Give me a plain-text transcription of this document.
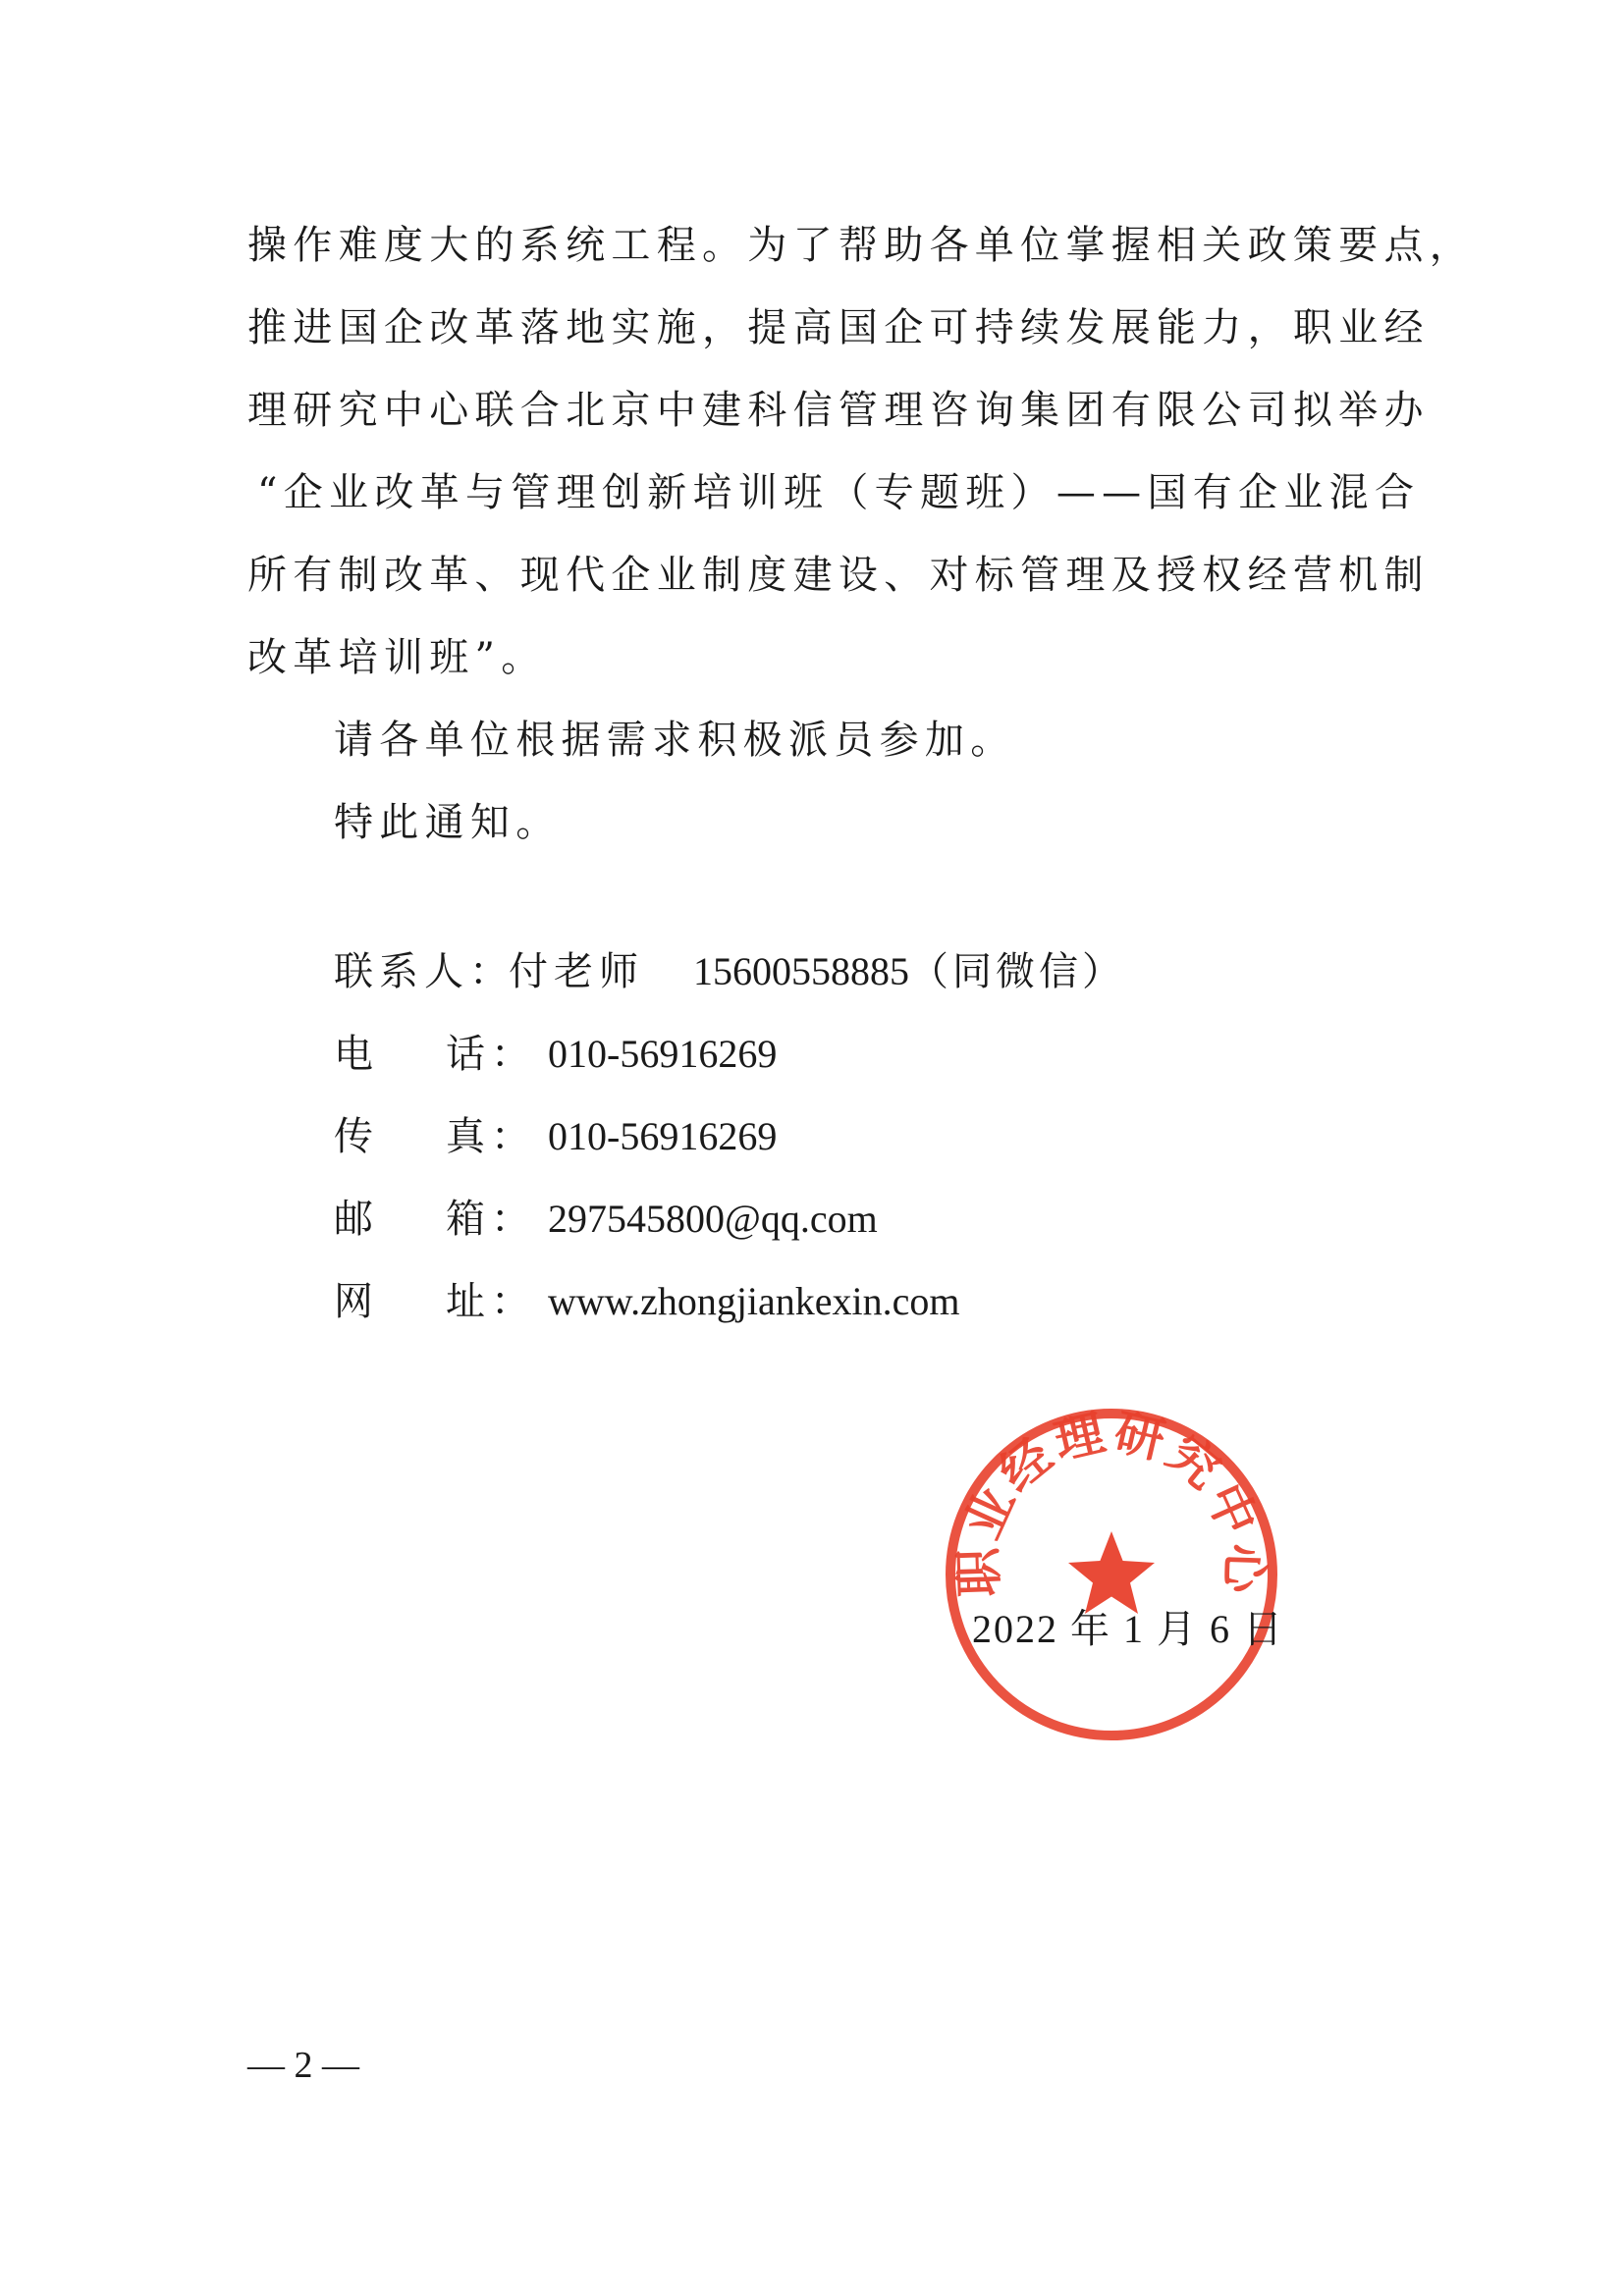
操作难度大的系统工程。为了帮助各单位掌握相关政策要点，
推进国企改革落地实施，提高国企可持续发展能力，职业经
理研究中心联合北京中建科信管理咨询集团有限公司拟举办
“企业改革与管理创新培训班（专题班）——国有企业混合
所有制改革、现代企业制度建设、对标管理及授权经营机制
改革培训班”。
请各单位根据需求积极派员参加。
特此通知。
联系人：
付老师 15600558885 （同微信）
电 话 ： 010-56916269
传 真 ： 010-56916269
邮 箱 ： 297545800@qq.com
网 址 ： www.zhongjiankexin.com
职业经理研究中心
2022 年 1 月 6 日
— 2 —
